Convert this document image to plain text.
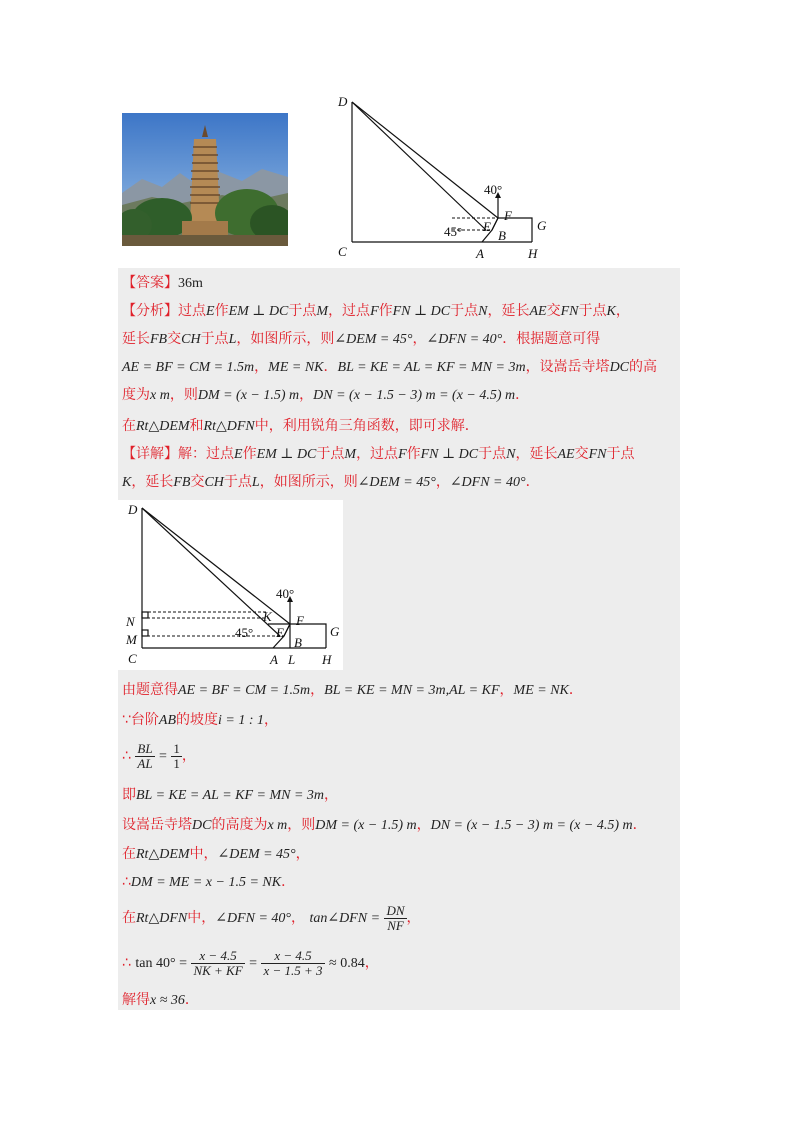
D
C	A	H
G
F
E
B
40°
45°
【答案】36m
【分析】过点E作EM ⊥ DC于点M，过点F作FN ⊥ DC于点N，延长AE交FN于点K，
延长FB交CH于点L，如图所示，则∠DEM = 45°，∠DFN = 40°．根据题意可得
AE = BF = CM = 1.5m，ME = NK．BL = KE = AL = KF = MN = 3m，设嵩岳寺塔DC的高
度为x m，则DM = (x − 1.5) m，DN = (x − 1.5 − 3) m = (x − 4.5) m．
在Rt△DEM和Rt△DFN中，利用锐角三角函数，即可求解．
【详解】解：过点E作EM ⊥ DC于点M，过点F作FN ⊥ DC于点N，延长AE交FN于点
K，延长FB交CH于点L，如图所示，则∠DEM = 45°，∠DFN = 40°．
由题意得AE = BF = CM = 1.5m，BL = KE = MN = 3m,AL = KF，ME = NK．
∵台阶AB的坡度i = 1 : 1，
∴ $\frac{BL}{AL} = \frac{1}{1}$ ，
即BL = KE = AL = KF = MN = 3m，
设嵩岳寺塔DC的高度为x m，则DM = (x − 1.5) m，DN = (x − 1.5 − 3) m = (x − 4.5) m．
在Rt△DEM中，∠DEM = 45°，
∴DM = ME = x − 1.5 = NK．
在Rt△DFN中，∠DFN = 40°， tan∠DFN = $\frac{DN}{NF}$ ，
∴ $\tan 40^\circ = \frac{x - 4.5}{NK + KF} = \frac{x - 4.5}{x - 1.5 + 3} \approx 0.84$，
解得x ≈ 36．
D
N
M
C	A L H
G
F
K
E
B
40°
45°
